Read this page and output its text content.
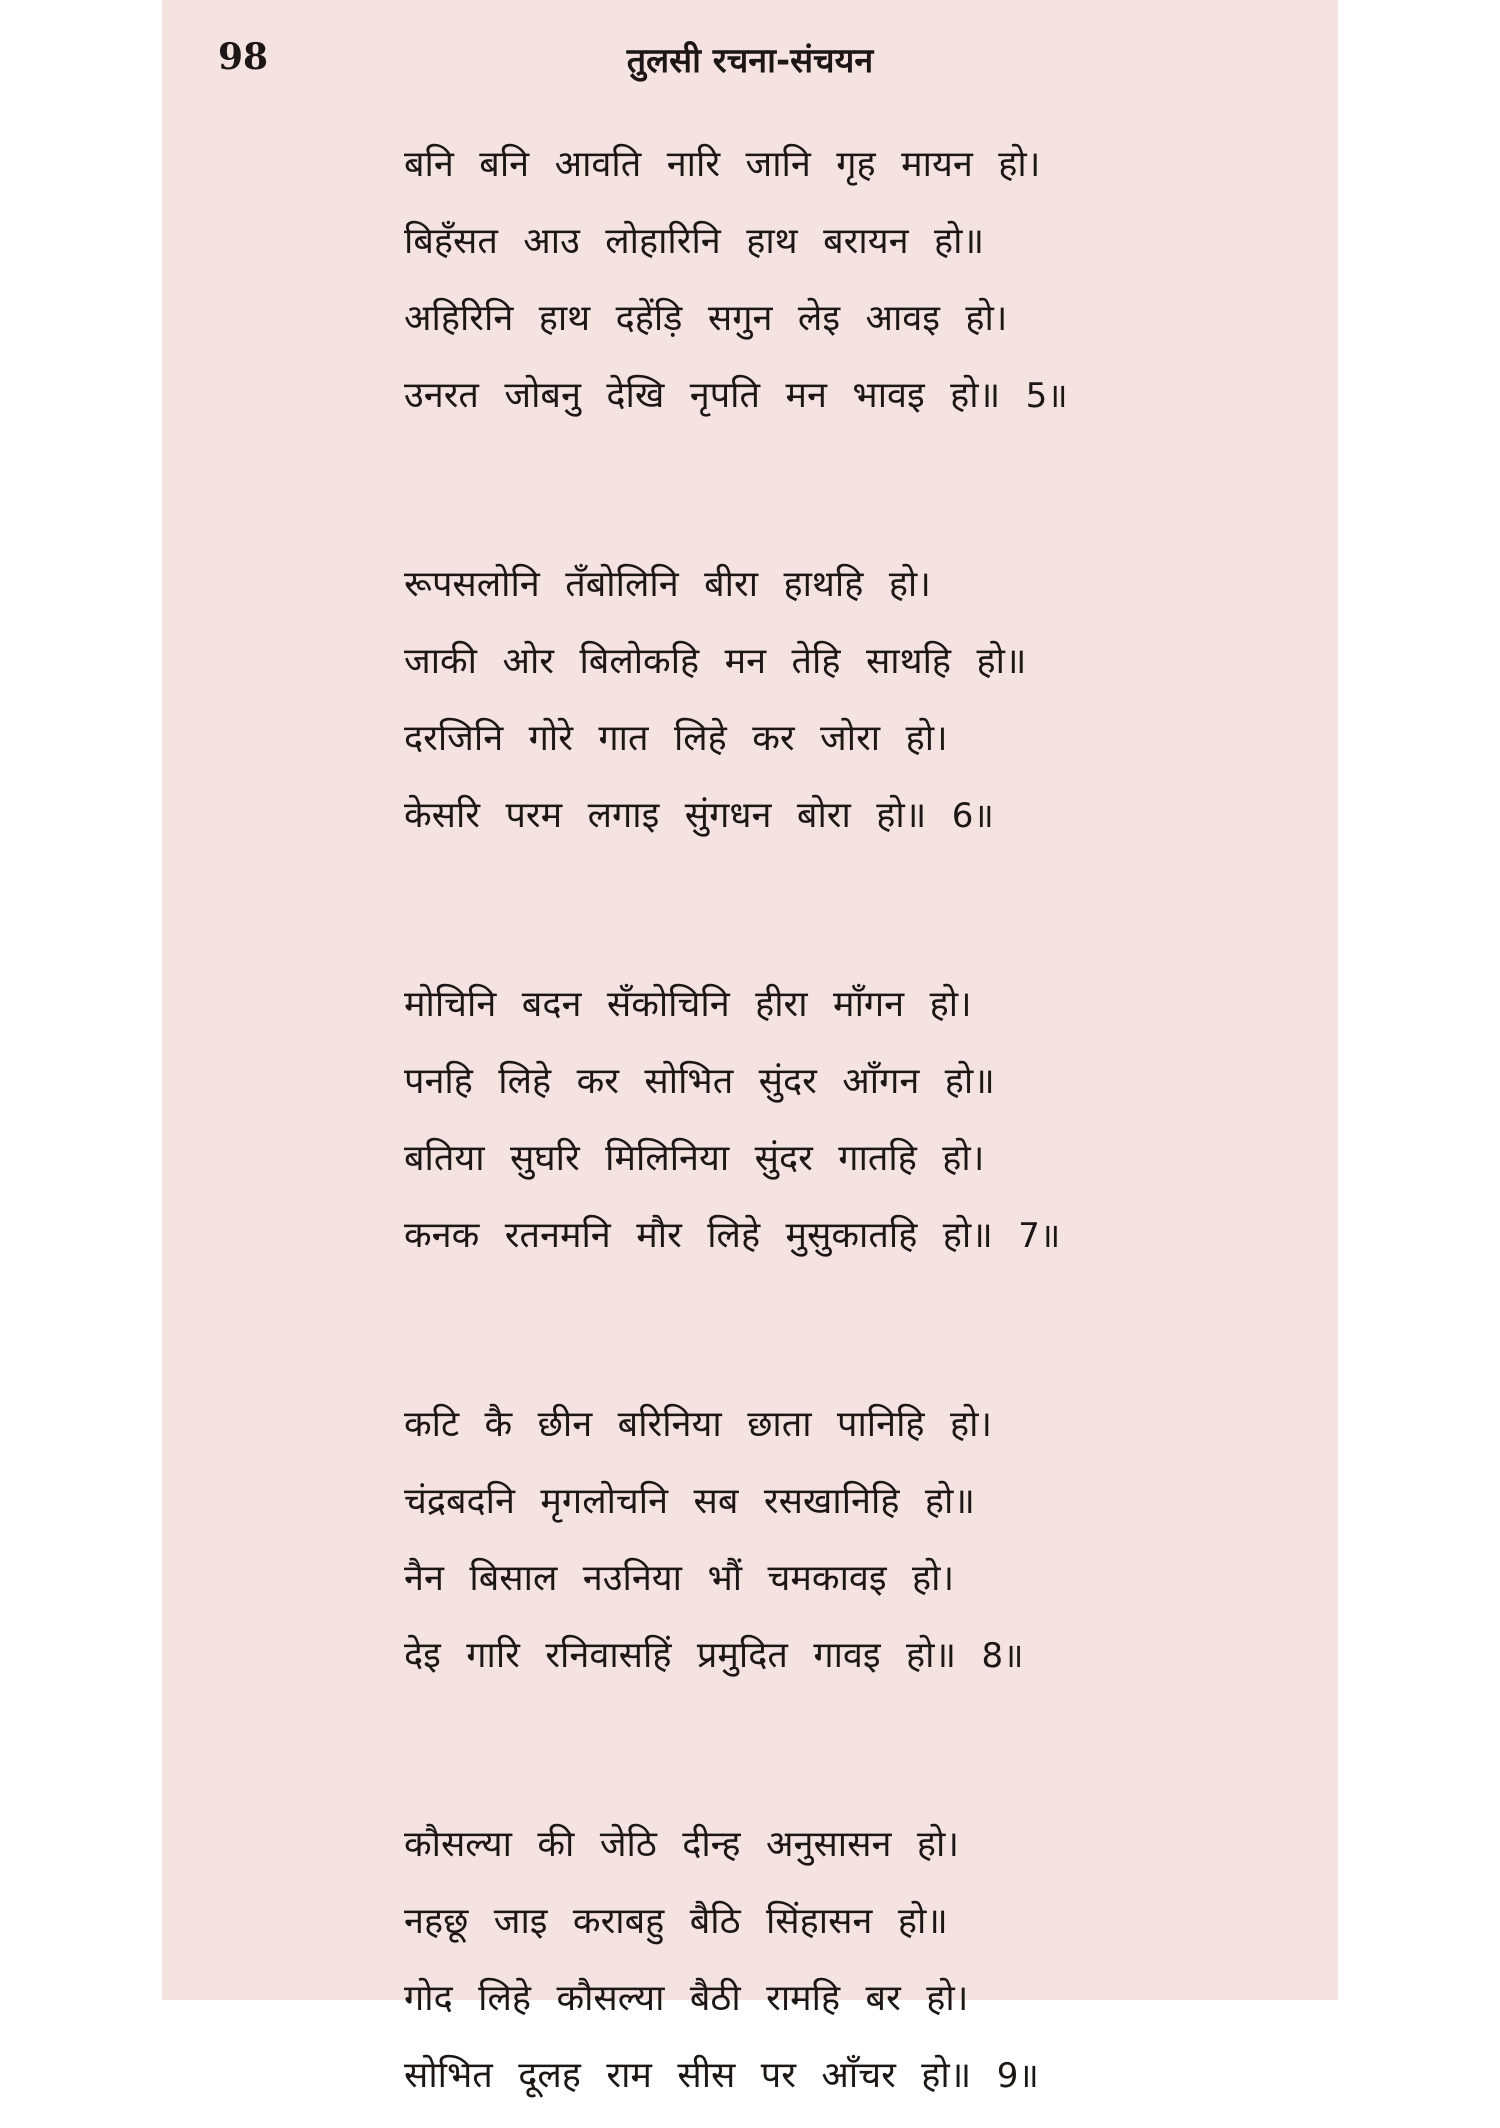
98	तुलसी रचना-संचयन
बनि बनि आवति नारि जानि गृह मायन हो।
बिहँसत आउ लोहारिनि हाथ बरायन हो॥
अहिरिनि हाथ दहेंड़ि सगुन लेइ आवइ हो।
उनरत जोबनु देखि नृपति मन भावइ हो॥ 5॥
रूपसलोनि तँबोलिनि बीरा हाथहि हो।
जाकी ओर बिलोकहि मन तेहि साथहि हो॥
दरजिनि गोरे गात लिहे कर जोरा हो।
केसरि परम लगाइ सुंगधन बोरा हो॥ 6॥
मोचिनि बदन सँकोचिनि हीरा माँगन हो।
पनहि लिहे कर सोभित सुंदर आँगन हो॥
बतिया सुघरि मिलिनिया सुंदर गातहि हो।
कनक रतनमनि मौर लिहे मुसुकातहि हो॥ 7॥
कटि कै छीन बरिनिया छाता पानिहि हो।
चंद्रबदनि मृगलोचनि सब रसखानिहि हो॥
नैन बिसाल नउनिया भौं चमकावइ हो।
देइ गारि रनिवासहिं प्रमुदित गावइ हो॥ 8॥
कौसल्या की जेठि दीन्ह अनुसासन हो।
नहछू जाइ कराबहु बैठि सिंहासन हो॥
गोद लिहे कौसल्या बैठी रामहि बर हो।
सोभित दूलह राम सीस पर आँचर हो॥ 9॥
